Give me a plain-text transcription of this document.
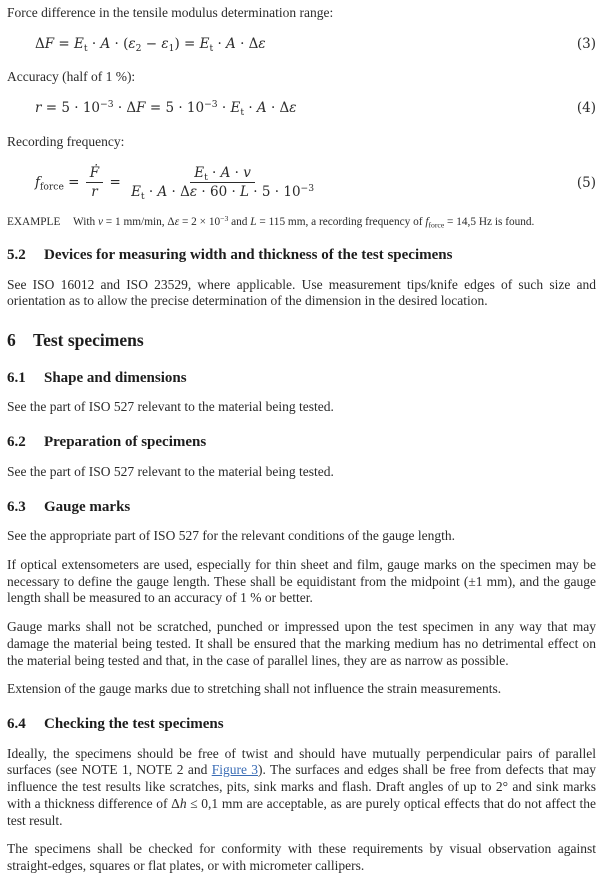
Force difference in the tensile modulus determination range:

$\Delta F = E_t \cdot A \cdot (\varepsilon_2 - \varepsilon_1) = E_t \cdot A \cdot \Delta\varepsilon$	(3)

Accuracy (half of 1 %):

$r = 5 \cdot 10^{-3} \cdot \Delta F = 5 \cdot 10^{-3} \cdot E_t \cdot A \cdot \Delta\varepsilon$	(4)

Recording frequency:

$f_{force} = \frac{\text{Ḟ}}{r} = \frac{E_t \cdot A \cdot v}{E_t \cdot A \cdot \Delta\varepsilon \cdot 60 \cdot L \cdot 5 \cdot 10^{-3}}$	(5)

EXAMPLE With v = 1 mm/min, $\Delta\varepsilon = 2 \times 10^{-3}$ and L = 115 mm, a recording frequency of $f_{force} = 14,5$ Hz is found.

5.2 Devices for measuring width and thickness of the test specimens

See ISO 16012 and ISO 23529, where applicable. Use measurement tips/knife edges of such size and orientation as to allow the precise determination of the dimension in the desired location.

6 Test specimens
6.1 Shape and dimensions

See the part of ISO 527 relevant to the material being tested.

6.2 Preparation of specimens

See the part of ISO 527 relevant to the material being tested.

6.3 Gauge marks

See the appropriate part of ISO 527 for the relevant conditions of the gauge length.

If optical extensometers are used, especially for thin sheet and film, gauge marks on the specimen may be necessary to define the gauge length. These shall be equidistant from the midpoint (±1 mm), and the gauge length shall be measured to an accuracy of 1 % or better.

Gauge marks shall not be scratched, punched or impressed upon the test specimen in any way that may damage the material being tested. It shall be ensured that the marking medium has no detrimental effect on the material being tested and that, in the case of parallel lines, they are as narrow as possible.

Extension of the gauge marks due to stretching shall not influence the strain measurements.

6.4 Checking the test specimens

Ideally, the specimens should be free of twist and should have mutually perpendicular pairs of parallel surfaces (see NOTE 1, NOTE 2 and Figure 3). The surfaces and edges shall be free from defects that may influence the test results like scratches, pits, sink marks and flash. Draft angles of up to 2° and sink marks with a thickness difference of Δh ≤ 0,1 mm are acceptable, as are purely optical effects that do not affect the test result.

The specimens shall be checked for conformity with these requirements by visual observation against straight-edges, squares or flat plates, or with micrometer callipers.
